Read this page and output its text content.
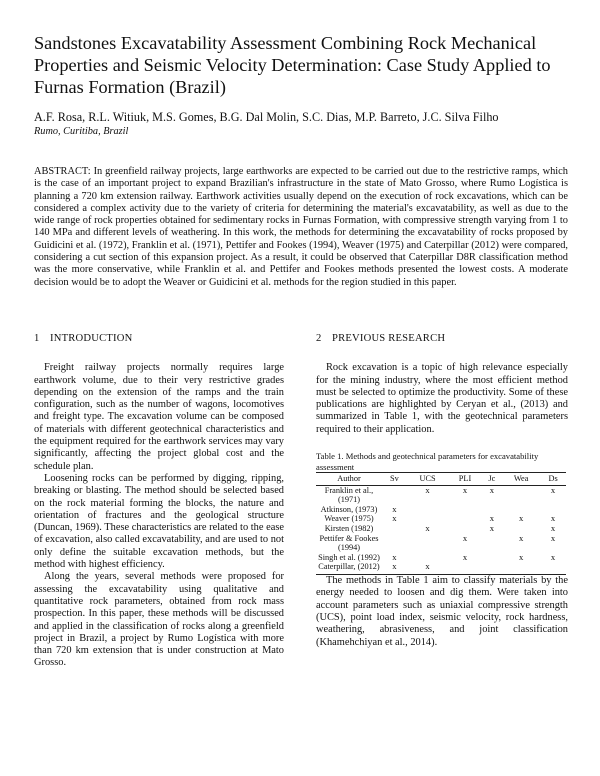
Sandstones Excavatability Assessment Combining Rock Mechanical Properties and Seismic Velocity Determination: Case Study Applied to Furnas Formation (Brazil)
A.F. Rosa, R.L. Witiuk, M.S. Gomes, B.G. Dal Molin, S.C. Dias, M.P. Barreto, J.C. Silva Filho
Rumo, Curitiba, Brazil
ABSTRACT: In greenfield railway projects, large earthworks are expected to be carried out due to the restrictive ramps, which is the case of an important project to expand Brazilian's infrastructure in the state of Mato Grosso, where Rumo Logística is planning a 720 km extension railway. Earthwork activities usually depend on the execution of rock excavations, which can be considered a complex activity due to the variety of criteria for determining the material's excavatability, as well as due to the wide range of rock properties obtained for sedimentary rocks in Furnas Formation, with compressive strength varying from 1 to 140 MPa and different levels of weathering. In this work, the methods for determining the excavatability of rocks proposed by Guidicini et al. (1972), Franklin et al. (1971), Pettifer and Fookes (1994), Weaver (1975) and Caterpillar (2012) were compared, considering a cut section of this expansion project. As a result, it could be observed that Caterpillar D8R classification method was the more conservative, while Franklin et al. and Pettifer and Fookes methods presented the lowest costs. A moderate decision would be to adopt the Weaver or Guidicini et al. methods for the region studied in this paper.
1 INTRODUCTION

Freight railway projects normally requires large earthwork volume, due to their very restrictive grades depending on the extension of the ramps and the train configuration, such as the number of wagons, locomotives and freight type. The excavation volume can be composed of materials with different geotechnical characteristics and the equipment required for the earthwork services may vary significantly, affecting the project global cost and the schedule plan.

Loosening rocks can be performed by digging, ripping, breaking or blasting. The method should be selected based on the rock material forming the blocks, the nature and orientation of fractures and the geological structure (Duncan, 1969). These characteristics are related to the ease of excavation, also called excavatability, and are used to not only define the suitable excavation methods, but the method with highest efficiency.

Along the years, several methods were proposed for assessing the excavatability using qualitative and quantitative rock parameters, obtained from rock mass prospection. In this paper, these methods will be discussed and applied in the classification of rocks along a greenfield project in Brazil, a project by Rumo Logística with more than 720 km extension that is under construction at Mato Grosso.

2 PREVIOUS RESEARCH

Rock excavation is a topic of high relevance especially for the mining industry, where the most efficient method must be selected to optimize the productivity. Some of these publications are highlighted by Ceryan et al., (2013) and summarized in Table 1, with the geotechnical parameters required to their application.

Table 1. Methods and geotechnical parameters for excavatability assessment
Author	Sv	UCS	PLI	Jc	Wea	Ds
Franklin et al., (1971)		x	x	x		x
Atkinson, (1973)	x					
Weaver (1975)	x			x	x	x
Kirsten (1982)		x		x		x
Pettifer & Fookes (1994)			x		x	x
Singh et al. (1992)	x		x		x	x
Caterpillar, (2012)	x	x				

The methods in Table 1 aim to classify materials by the energy needed to loosen and dig them. Were taken into account parameters such as uniaxial compressive strength (UCS), point load index, seismic velocity, rock hardness, weathering, abrasiveness, and joint classification (Khamehchiyan et al., 2014).
